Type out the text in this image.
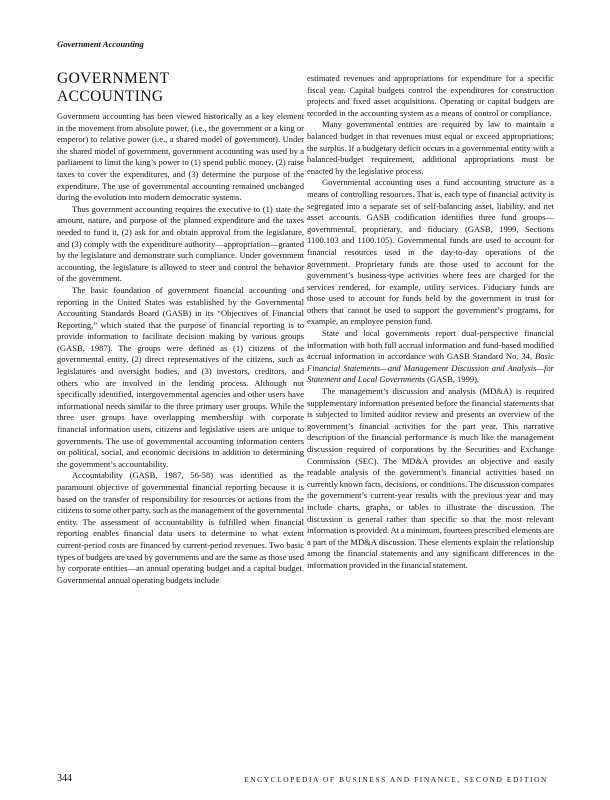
Government Accounting
GOVERNMENT
ACCOUNTING

Government accounting has been viewed historically as a key element in the movement from absolute power, (i.e., the government or a king or emperor) to relative power (i.e., a shared model of government). Under the shared model of government, government accounting was used by a parliament to limit the king’s power to (1) spend public money, (2) raise taxes to cover the expenditures, and (3) determine the purpose of the expenditure. The use of governmental accounting remained unchanged during the evolution into modern democratic systems.

Thus government accounting requires the executive to (1) state the amount, nature, and purpose of the planned expenditure and the taxes needed to fund it, (2) ask for and obtain approval from the legislature, and (3) comply with the expenditure authority—appropriation—granted by the legislature and demonstrate such compliance. Under government accounting, the legislature is allowed to steer and control the behavior of the government.

The basic foundation of government financial accounting and reporting in the United States was established by the Governmental Accounting Standards Board (GASB) in its “Objectives of Financial Reporting,” which stated that the purpose of financial reporting is to provide information to facilitate decision making by various groups (GASB, 1987). The groups were defined as (1) citizens of the governmental entity, (2) direct representatives of the citizens, such as legislatures and oversight bodies, and (3) investors, creditors, and others who are involved in the lending process. Although not specifically identified, intergovernmental agencies and other users have informational needs similar to the three primary user groups. While the three user groups have overlapping membership with corporate financial information users, citizens and legislative users are unique to governments. The use of governmental accounting information centers on political, social, and economic decisions in addition to determining the government’s accountability.

Accountability (GASB, 1987, 56-58) was identified as the paramount objective of governmental financial reporting because it is based on the transfer of responsibility for resources or actions from the citizens to some other party, such as the management of the governmental entity. The assessment of accountability is fulfilled when financial reporting enables financial data users to determine to what extent current-period costs are financed by current-period revenues. Two basic types of budgets are used by governments and are the same as those used by corporate entities—an annual operating budget and a capital budget. Governmental annual operating budgets include

estimated revenues and appropriations for expenditure for a specific fiscal year. Capital budgets control the expenditures for construction projects and fixed asset acquisitions. Operating or capital budgets are recorded in the accounting system as a means of control or compliance.

Many governmental entities are required by law to maintain a balanced budget in that revenues must equal or exceed appropriations; the surplus. If a budgetary deficit occurs in a governmental entity with a balanced-budget requirement, additional appropriations must be enacted by the legislative process.

Governmental accounting uses a fund accounting structure as a means of controlling resources. That is, each type of financial activity is segregated into a separate set of self-balancing asset, liability, and net asset accounts. GASB codification identifies three fund groups—governmental, proprietary, and fiduciary (GASB, 1999, Sections 1100.103 and 1100.105). Governmental funds are used to account for financial resources used in the day-to-day operations of the government. Proprietary funds are those used to account for the government’s business-type activities where fees are charged for the services rendered, for example, utility services. Fiduciary funds are those used to account for funds held by the government in trust for others that cannot be used to support the government’s programs, for example, an employee pension fund.

State and local governments report dual-perspective financial information with both full accrual information and fund-based modified accrual information in accordance with GASB Standard No. 34, Basic Financial Statements—and Management Discussion and Analysis—for Statement and Local Governments (GASB, 1999).

The management’s discussion and analysis (MD&A) is required supplementary information presented before the financial statements that is subjected to limited auditor review and presents an overview of the government’s financial activities for the part year. This narrative description of the financial performance is much like the management discussion required of corporations by the Securities and Exchange Commission (SEC). The MD&A provides an objective and easily readable analysis of the government’s financial activities based on currently known facts, decisions, or conditions. The discussion compares the government’s current-year results with the previous year and may include charts, graphs, or tables to illustrate the discussion. The discussion is general rather than specific so that the most relevant information is provided. At a minimum, fourteen prescribed elements are a part of the MD&A discussion. These elements explain the relationship among the financial statements and any significant differences in the information provided in the financial statement.

344	ENCYCLOPEDIA OF BUSINESS AND FINANCE, SECOND EDITION
